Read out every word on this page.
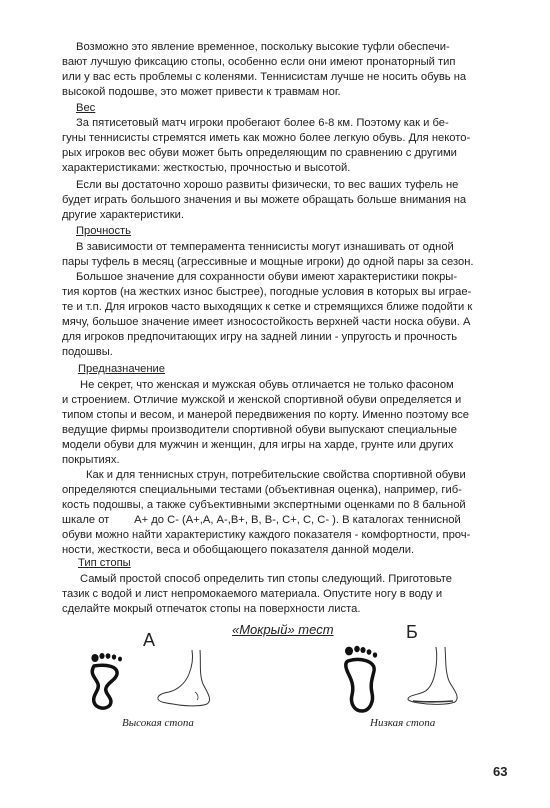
Возможно это явление временное, поскольку высокие туфли обеспечи-
вают лучшую фиксацию стопы, особенно если они имеют пронаторный тип
или у вас есть проблемы с коленями. Теннисистам лучше не носить обувь на
высокой подошве, это может привести к травмам ног.
Вес
За пятисетовый матч игроки пробегают более 6-8 км. Поэтому как и бе-
гуны теннисисты стремятся иметь как можно более легкую обувь. Для некото-
рых игроков вес обуви может быть определяющим по сравнению с другими
характеристиками: жесткостью, прочностью и высотой.
Если вы достаточно хорошо развиты физически, то вес ваших туфель не
будет играть большого значения и вы можете обращать больше внимания на
другие характеристики.
Прочность
В зависимости от темперамента теннисисты могут изнашивать от одной
пары туфель в месяц (агрессивные и мощные игроки) до одной пары за сезон.
Большое значение для сохранности обуви имеют характеристики покры-
тия кортов (на жестких износ быстрее), погодные условия в которых вы играе-
те и т.п. Для игроков часто выходящих к сетке и стремящихся ближе подойти к
мячу, большое значение имеет износостойкость верхней части носка обуви. А
для игроков предпочитающих игру на задней линии - упругость и прочность
подошвы.
Предназначение
Не секрет, что женская и мужская обувь отличается не только фасоном
и строением. Отличие мужской и женской спортивной обуви определяется и
типом стопы и весом, и манерой передвижения по корту. Именно поэтому все
ведущие фирмы производители спортивной обуви выпускают специальные
модели обуви для мужчин и женщин, для игры на харде, грунте или других
покрытиях.
Как и для теннисных струн, потребительские свойства спортивной обуви
определяются специальными тестами (объективная оценка), например, гиб-
кость подошвы, а также субъективными экспертными оценками по 8 бальной
шкале от        А+ до С- (А+,А, А-,В+, В, В-, С+, С, С- ). В каталогах теннисной
обуви можно найти характеристику каждого показателя - комфортности, проч-
ности, жесткости, веса и обобщающего показателя данной модели.
Тип стопы
Самый простой способ определить тип стопы следующий. Приготовьте
тазик с водой и лист непромокаемого материала. Опустите ногу в воду и
сделайте мокрый отпечаток стопы на поверхности листа.
А
«Мокрый» тест	Б
Высокая стопа	Низкая стопа
63
